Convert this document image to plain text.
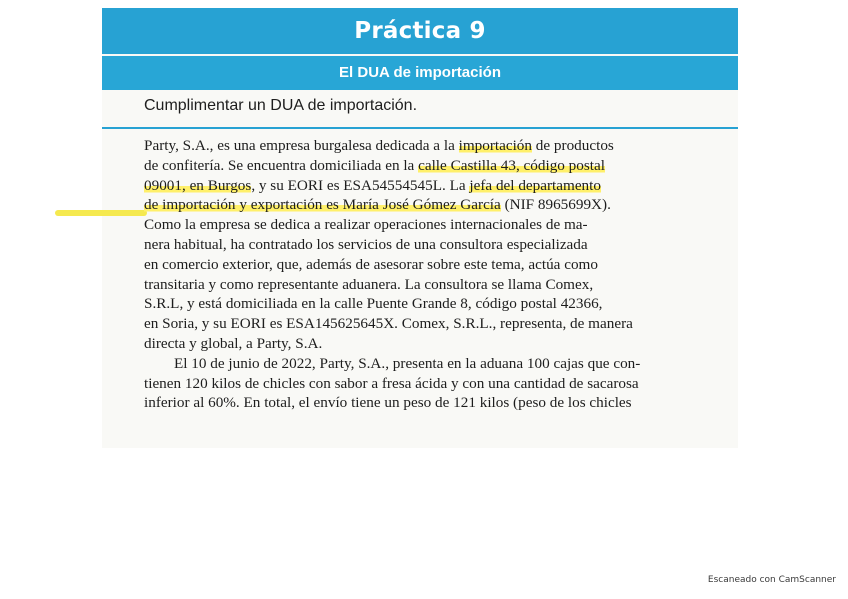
Práctica 9
El DUA de importación
Cumplimentar un DUA de importación.
Party, S.A., es una empresa burgalesa dedicada a la importación de productos
de confitería. Se encuentra domiciliada en la calle Castilla 43, código postal
09001, en Burgos, y su EORI es ESA54554545L. La jefa del departamento
de importación y exportación es María José Gómez García (NIF 8965699X).
Como la empresa se dedica a realizar operaciones internacionales de ma-
nera habitual, ha contratado los servicios de una consultora especializada
en comercio exterior, que, además de asesorar sobre este tema, actúa como
transitaria y como representante aduanera. La consultora se llama Comex,
S.R.L, y está domiciliada en la calle Puente Grande 8, código postal 42366,
en Soria, y su EORI es ESA145625645X. Comex, S.R.L., representa, de manera
directa y global, a Party, S.A.
El 10 de junio de 2022, Party, S.A., presenta en la aduana 100 cajas que con-
tienen 120 kilos de chicles con sabor a fresa ácida y con una cantidad de sacarosa
inferior al 60%. En total, el envío tiene un peso de 121 kilos (peso de los chicles
Escaneado con CamScanner
